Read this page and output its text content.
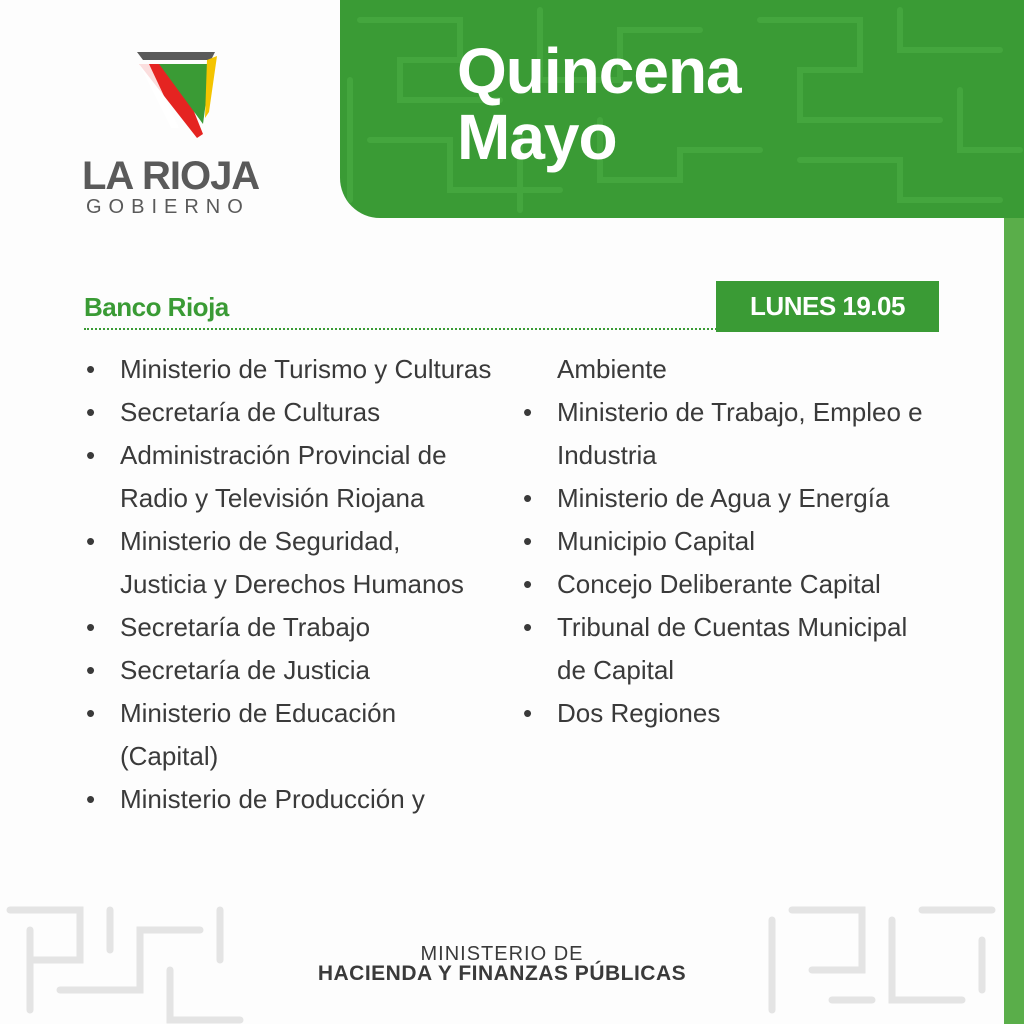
LA RIOJA
GOBIERNO
Quincena
Mayo
Banco Rioja	LUNES 19.05
• Ministerio de Turismo y Culturas
• Secretaría de Culturas
• Administración Provincial de
Radio y Televisión Riojana
• Ministerio de Seguridad,
Justicia y Derechos Humanos
• Secretaría de Trabajo
• Secretaría de Justicia
• Ministerio de Educación
(Capital)
• Ministerio de Producción y
Ambiente
• Ministerio de Trabajo, Empleo e
Industria
• Ministerio de Agua y Energía
• Municipio Capital
• Concejo Deliberante Capital
• Tribunal de Cuentas Municipal
de Capital
• Dos Regiones
MINISTERIO DE
HACIENDA Y FINANZAS PÚBLICAS
